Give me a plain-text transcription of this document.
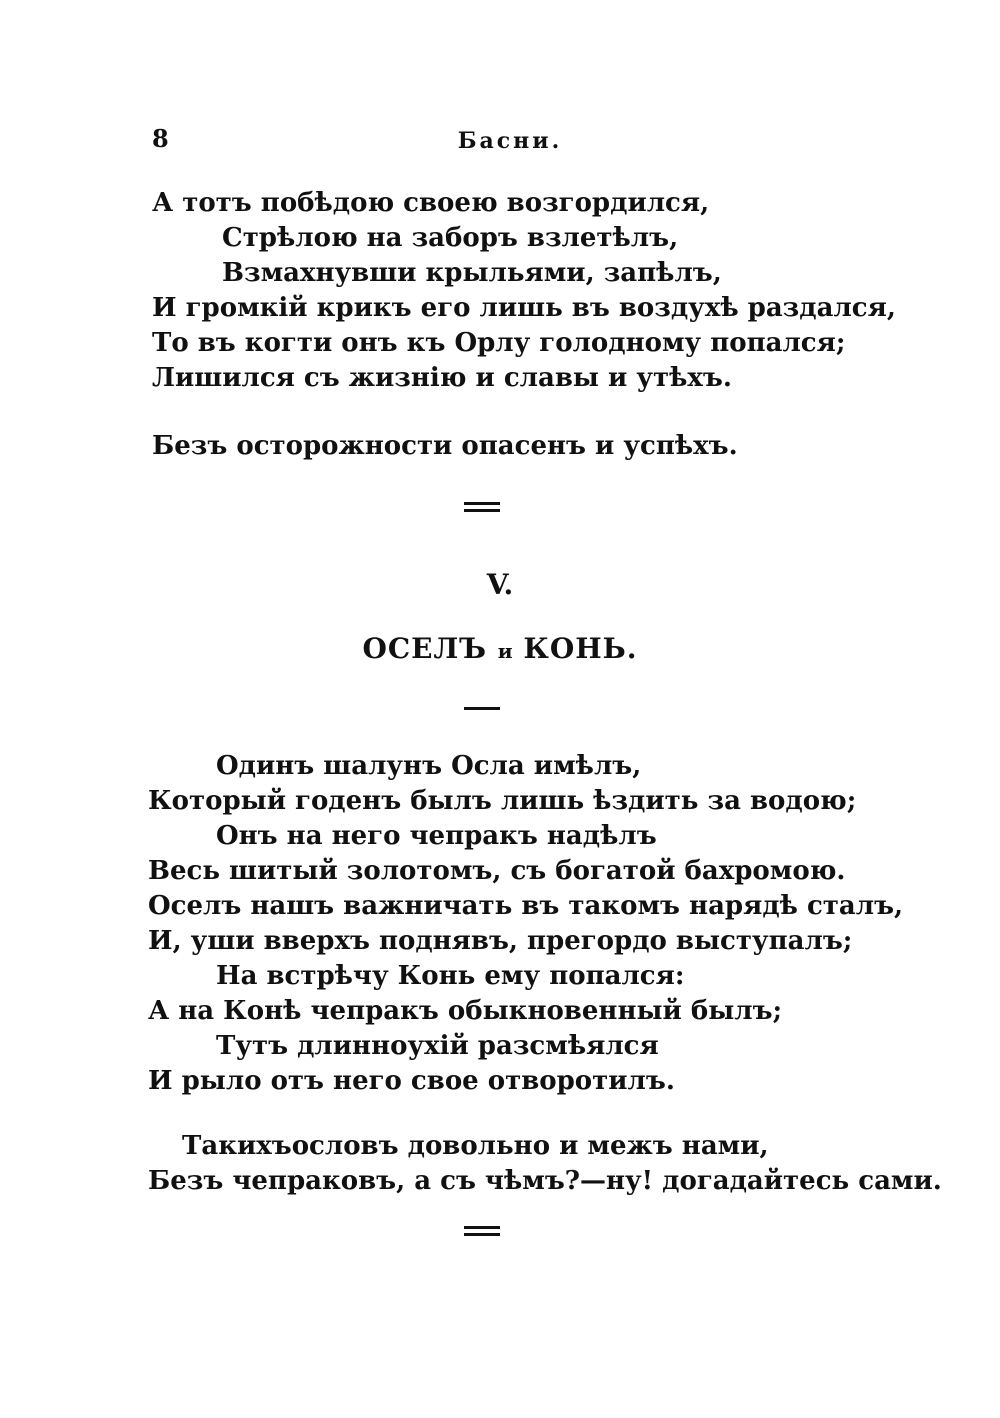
8	Басни.
А тотъ побѣдою своею возгордился,
Стрѣлою на заборъ взлетѣлъ,
Взмахнувши крыльями, запѣлъ,
И громкій крикъ его лишь въ воздухѣ раздался,
То въ когти онъ къ Орлу голодному попался;
Лишился съ жизнію и славы и утѣхъ.
Безъ осторожности опасенъ и успѣхъ.
V.
ОСЕЛЪ и КОНЬ.
Одинъ шалунъ Осла имѣлъ,
Который годенъ былъ лишь ѣздить за водою;
Онъ на него чепракъ надѣлъ
Весь шитый золотомъ, съ богатой бахромою.
Оселъ нашъ важничать въ такомъ нарядѣ сталъ,
И, уши вверхъ поднявъ, прегордо выступалъ;
На встрѣчу Конь ему попался:
А на Конѣ чепракъ обыкновенный былъ;
Тутъ длинноухій разсмѣялся
И рыло отъ него свое отворотилъ.
Такихъословъ довольно и межъ нами,
Безъ чепраковъ, а съ чѣмъ?—ну! догадайтесь сами.
